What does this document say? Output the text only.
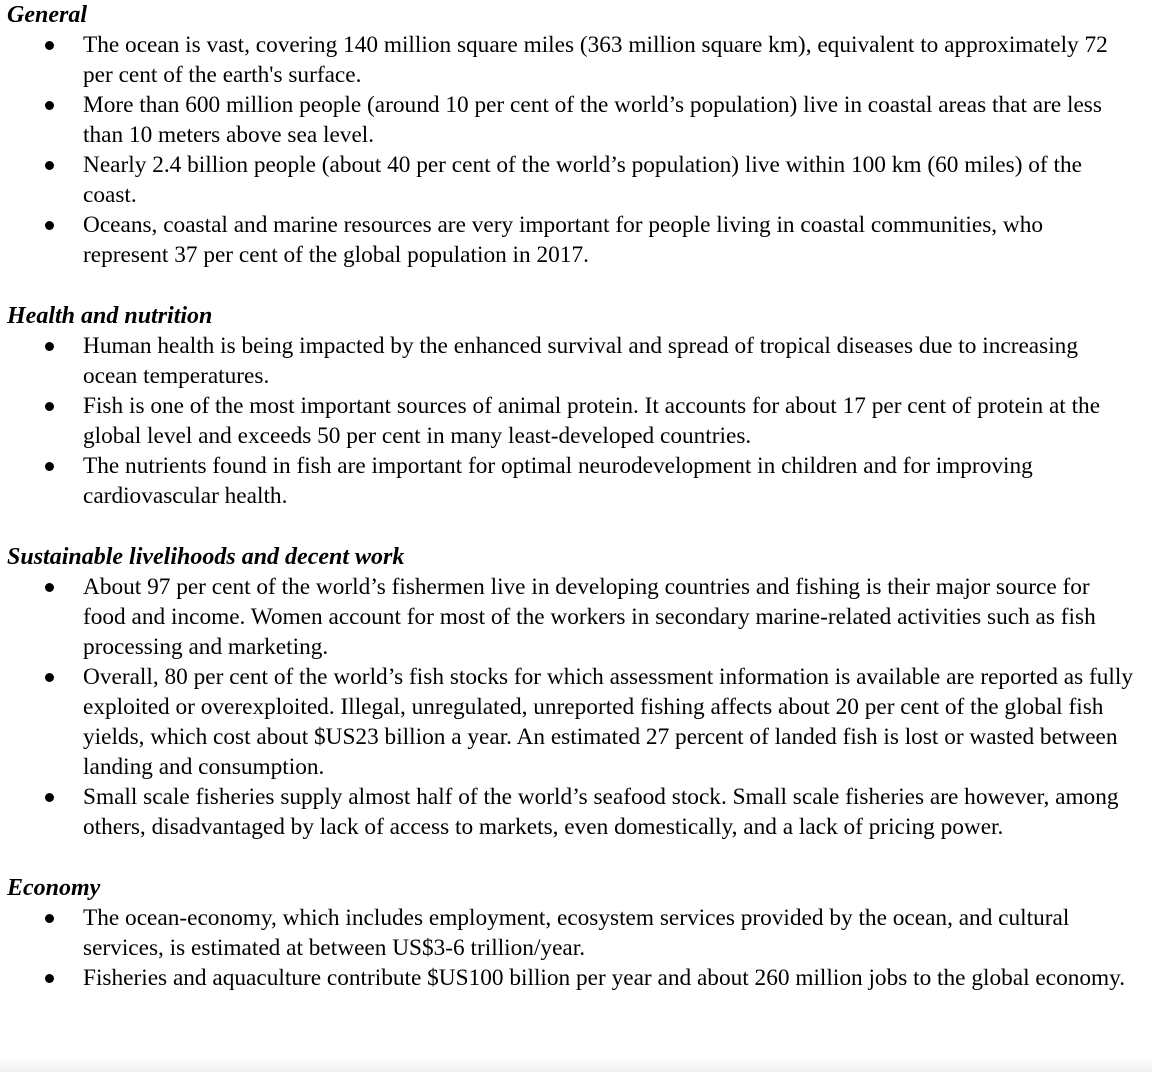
General
The ocean is vast, covering 140 million square miles (363 million square km), equivalent to approximately 72 per cent of the earth's surface.
More than 600 million people (around 10 per cent of the world’s population) live in coastal areas that are less than 10 meters above sea level.
Nearly 2.4 billion people (about 40 per cent of the world’s population) live within 100 km (60 miles) of the coast.
Oceans, coastal and marine resources are very important for people living in coastal communities, who represent 37 per cent of the global population in 2017.
Health and nutrition
Human health is being impacted by the enhanced survival and spread of tropical diseases due to increasing ocean temperatures.
Fish is one of the most important sources of animal protein. It accounts for about 17 per cent of protein at the global level and exceeds 50 per cent in many least-developed countries.
The nutrients found in fish are important for optimal neurodevelopment in children and for improving cardiovascular health.
Sustainable livelihoods and decent work
About 97 per cent of the world’s fishermen live in developing countries and fishing is their major source for food and income. Women account for most of the workers in secondary marine-related activities such as fish processing and marketing.
Overall, 80 per cent of the world’s fish stocks for which assessment information is available are reported as fully exploited or overexploited. Illegal, unregulated, unreported fishing affects about 20 per cent of the global fish yields, which cost about $US23 billion a year. An estimated 27 percent of landed fish is lost or wasted between landing and consumption.
Small scale fisheries supply almost half of the world’s seafood stock. Small scale fisheries are however, among others, disadvantaged by lack of access to markets, even domestically, and a lack of pricing power.
Economy
The ocean-economy, which includes employment, ecosystem services provided by the ocean, and cultural services, is estimated at between US$3-6 trillion/year.
Fisheries and aquaculture contribute $US100 billion per year and about 260 million jobs to the global economy.
